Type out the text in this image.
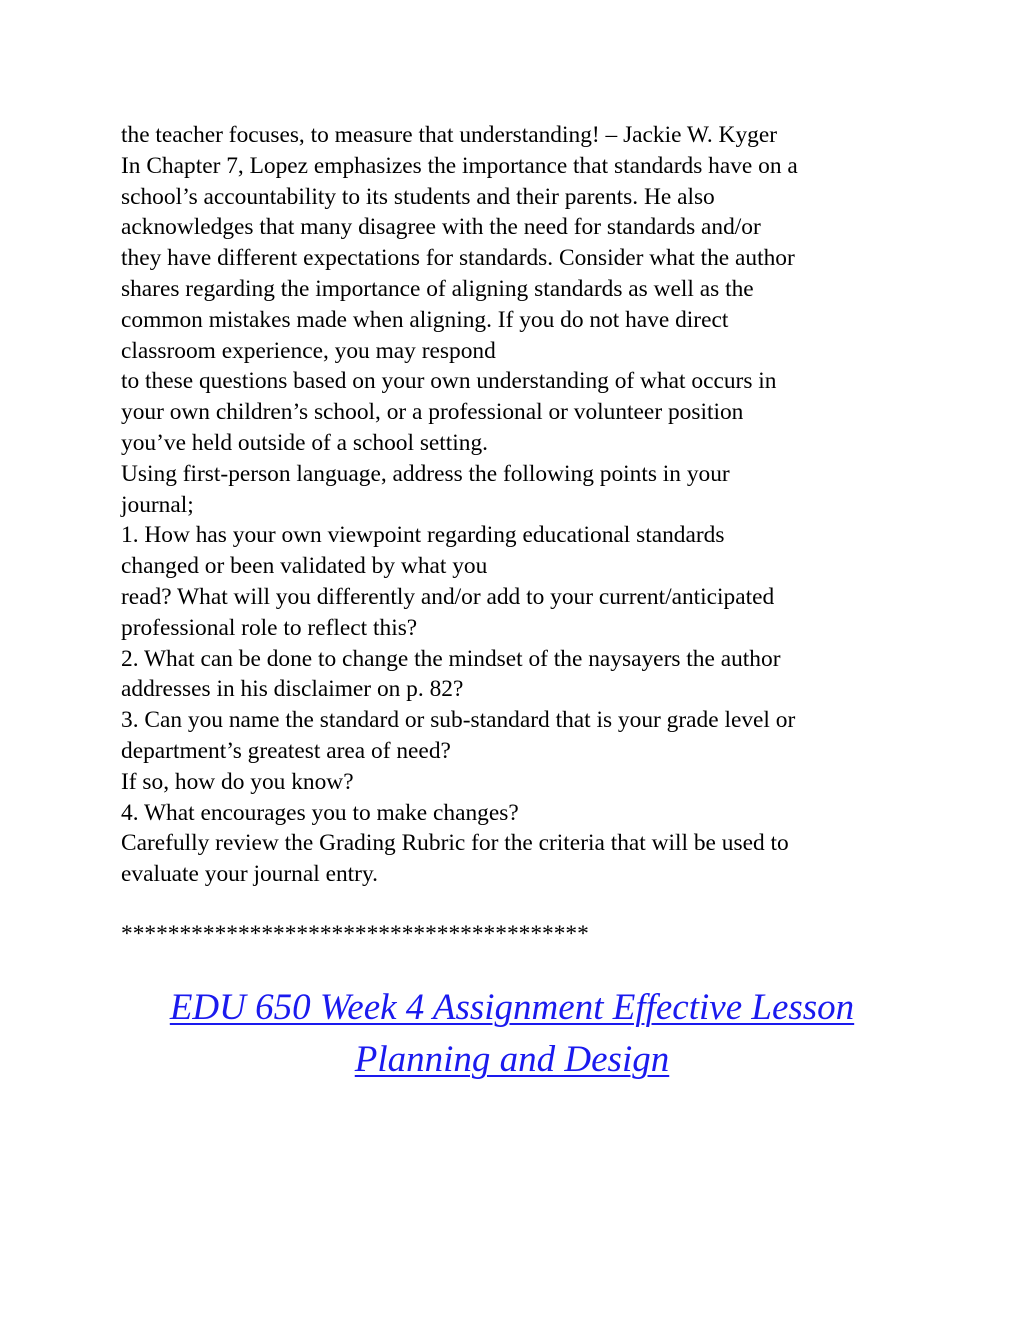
the teacher focuses, to measure that understanding! – Jackie W. Kyger
In Chapter 7, Lopez emphasizes the importance that standards have on a
school’s accountability to its students and their parents. He also
acknowledges that many disagree with the need for standards and/or
they have different expectations for standards. Consider what the author
shares regarding the importance of aligning standards as well as the
common mistakes made when aligning. If you do not have direct
classroom experience, you may respond
to these questions based on your own understanding of what occurs in
your own children’s school, or a professional or volunteer position
you’ve held outside of a school setting.
Using first-person language, address the following points in your
journal;
1. How has your own viewpoint regarding educational standards
changed or been validated by what you
read? What will you differently and/or add to your current/anticipated
professional role to reflect this?
2. What can be done to change the mindset of the naysayers the author
addresses in his disclaimer on p. 82?
3. Can you name the standard or sub-standard that is your grade level or
department’s greatest area of need?
If so, how do you know?
4. What encourages you to make changes?
Carefully review the Grading Rubric for the criteria that will be used to
evaluate your journal entry.
****************************************
EDU 650 Week 4 Assignment Effective Lesson
Planning and Design
